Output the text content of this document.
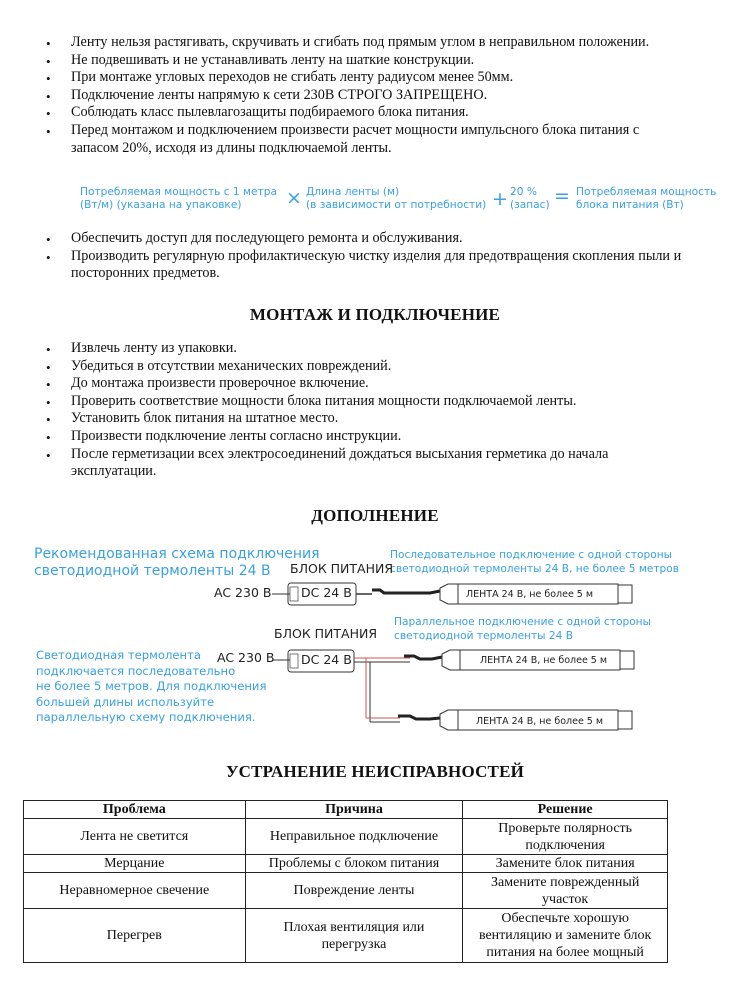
• Ленту нельзя растягивать, скручивать и сгибать под прямым углом в неправильном положении.
• Не подвешивать и не устанавливать ленту на шаткие конструкции.
• При монтаже угловых переходов не сгибать ленту радиусом менее 50мм.
• Подключение ленты напрямую к сети 230В СТРОГО ЗАПРЕЩЕНО.
• Соблюдать класс пылевлагозащиты подбираемого блока питания.
• Перед монтажом и подключением произвести расчет мощности импульсного блока питания с запасом 20%, исходя из длины подключаемой ленты.
Потребляемая мощность с 1 метра
(Вт/м) (указана на упаковке)	× Длина ленты (м)
(в зависимости от потребности) + 20 %
(запас) = Потребляемая мощность
блока питания (Вт)
• Обеспечить доступ для последующего ремонта и обслуживания.
• Производить регулярную профилактическую чистку изделия для предотвращения скопления пыли и посторонних предметов.
МОНТАЖ И ПОДКЛЮЧЕНИЕ
• Извлечь ленту из упаковки.
• Убедиться в отсутствии механических повреждений.
• До монтажа произвести проверочное включение.
• Проверить соответствие мощности блока питания мощности подключаемой ленты.
• Установить блок питания на штатное место.
• Произвести подключение ленты согласно инструкции.
• После герметизации всех электросоединений дождаться высыхания герметика до начала эксплуатации.
ДОПОЛНЕНИЕ
Рекомендованная схема подключения
светодиодной термоленты 24 В
Светодиодная термолента
подключается последовательно
не более 5 метров. Для подключения
большей длины используйте
параллельную схему подключения.
Последовательное подключение с одной стороны
светодиодной термоленты 24 В, не более 5 метров
Параллельное подключение с одной стороны
светодиодной термоленты 24 В
БЛОК ПИТАНИЯ
AC 230 В DC 24 В	ЛЕНТА 24 В, не более 5 м
БЛОК ПИТАНИЯ
AC 230 В DC 24 В	ЛЕНТА 24 В, не более 5 м
ЛЕНТА 24 В, не более 5 м
УСТРАНЕНИЕ НЕИСПРАВНОСТЕЙ
Проблема	Причина	Решение
Лента не светится	Неправильное подключение	Проверьте полярность подключения
Мерцание	Проблемы с блоком питания	Замените блок питания
Неравномерное свечение	Повреждение ленты	Замените поврежденный участок
Перегрев	Плохая вентиляция или перегрузка	Обеспечьте хорошую вентиляцию и замените блок питания на более мощный
